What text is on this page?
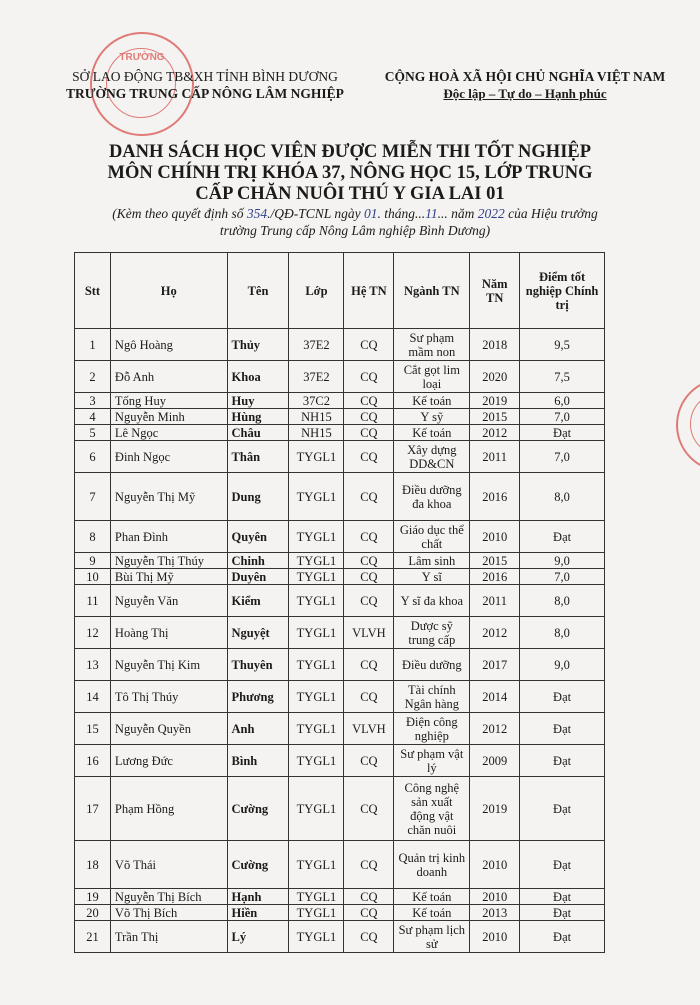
TRƯỜNG
SỞ LAO ĐỘNG TB&XH TỈNH BÌNH DƯƠNG
TRƯỜNG TRUNG CẤP NÔNG LÂM NGHIỆP
CỘNG HOÀ XÃ HỘI CHỦ NGHĨA VIỆT NAM
Độc lập – Tự do – Hạnh phúc
DANH SÁCH HỌC VIÊN ĐƯỢC MIỄN THI TỐT NGHIỆP
MÔN CHÍNH TRỊ KHÓA 37, NÔNG HỌC 15, LỚP TRUNG
CẤP CHĂN NUÔI THÚ Y GIA LAI 01
(Kèm theo quyết định số 354./QĐ-TCNL ngày 01. tháng...11... năm 2022 của Hiệu trưởng
trường Trung cấp Nông Lâm nghiệp Bình Dương)
Stt	Họ	Tên	Lớp	Hệ TN	Ngành TN	Năm TN	Điểm tốt nghiệp Chính trị
1	Ngô Hoàng	Thủy	37E2	CQ	Sư phạm mầm non	2018	9,5
2	Đỗ Anh	Khoa	37E2	CQ	Cắt gọt lim loại	2020	7,5
3	Tống Huy	Huy	37C2	CQ	Kế toán	2019	6,0
4	Nguyễn Minh	Hùng	NH15	CQ	Y sỹ	2015	7,0
5	Lê Ngọc	Châu	NH15	CQ	Kế toán	2012	Đạt
6	Đinh Ngọc	Thân	TYGL1	CQ	Xây dựng DD&CN	2011	7,0
7	Nguyễn Thị Mỹ	Dung	TYGL1	CQ	Điều dưỡng đa khoa	2016	8,0
8	Phan Đình	Quyên	TYGL1	CQ	Giáo dục thể chất	2010	Đạt
9	Nguyễn Thị Thúy	Chinh	TYGL1	CQ	Lâm sinh	2015	9,0
10	Bùi Thị Mỹ	Duyên	TYGL1	CQ	Y sĩ	2016	7,0
11	Nguyễn Văn	Kiểm	TYGL1	CQ	Y sĩ đa khoa	2011	8,0
12	Hoàng Thị	Nguyệt	TYGL1	VLVH	Dược sỹ trung cấp	2012	8,0
13	Nguyễn Thị Kim	Thuyên	TYGL1	CQ	Điều dưỡng	2017	9,0
14	Tô Thị Thúy	Phương	TYGL1	CQ	Tài chính Ngân hàng	2014	Đạt
15	Nguyễn Quyền	Anh	TYGL1	VLVH	Điện công nghiệp	2012	Đạt
16	Lương Đức	Bình	TYGL1	CQ	Sư phạm vật lý	2009	Đạt
17	Phạm Hồng	Cường	TYGL1	CQ	Công nghệ sản xuất động vật chăn nuôi	2019	Đạt
18	Võ Thái	Cường	TYGL1	CQ	Quản trị kinh doanh	2010	Đạt
19	Nguyễn Thị Bích	Hạnh	TYGL1	CQ	Kế toán	2010	Đạt
20	Võ Thị Bích	Hiền	TYGL1	CQ	Kế toán	2013	Đạt
21	Trần Thị	Lý	TYGL1	CQ	Sư phạm lịch sử	2010	Đạt
